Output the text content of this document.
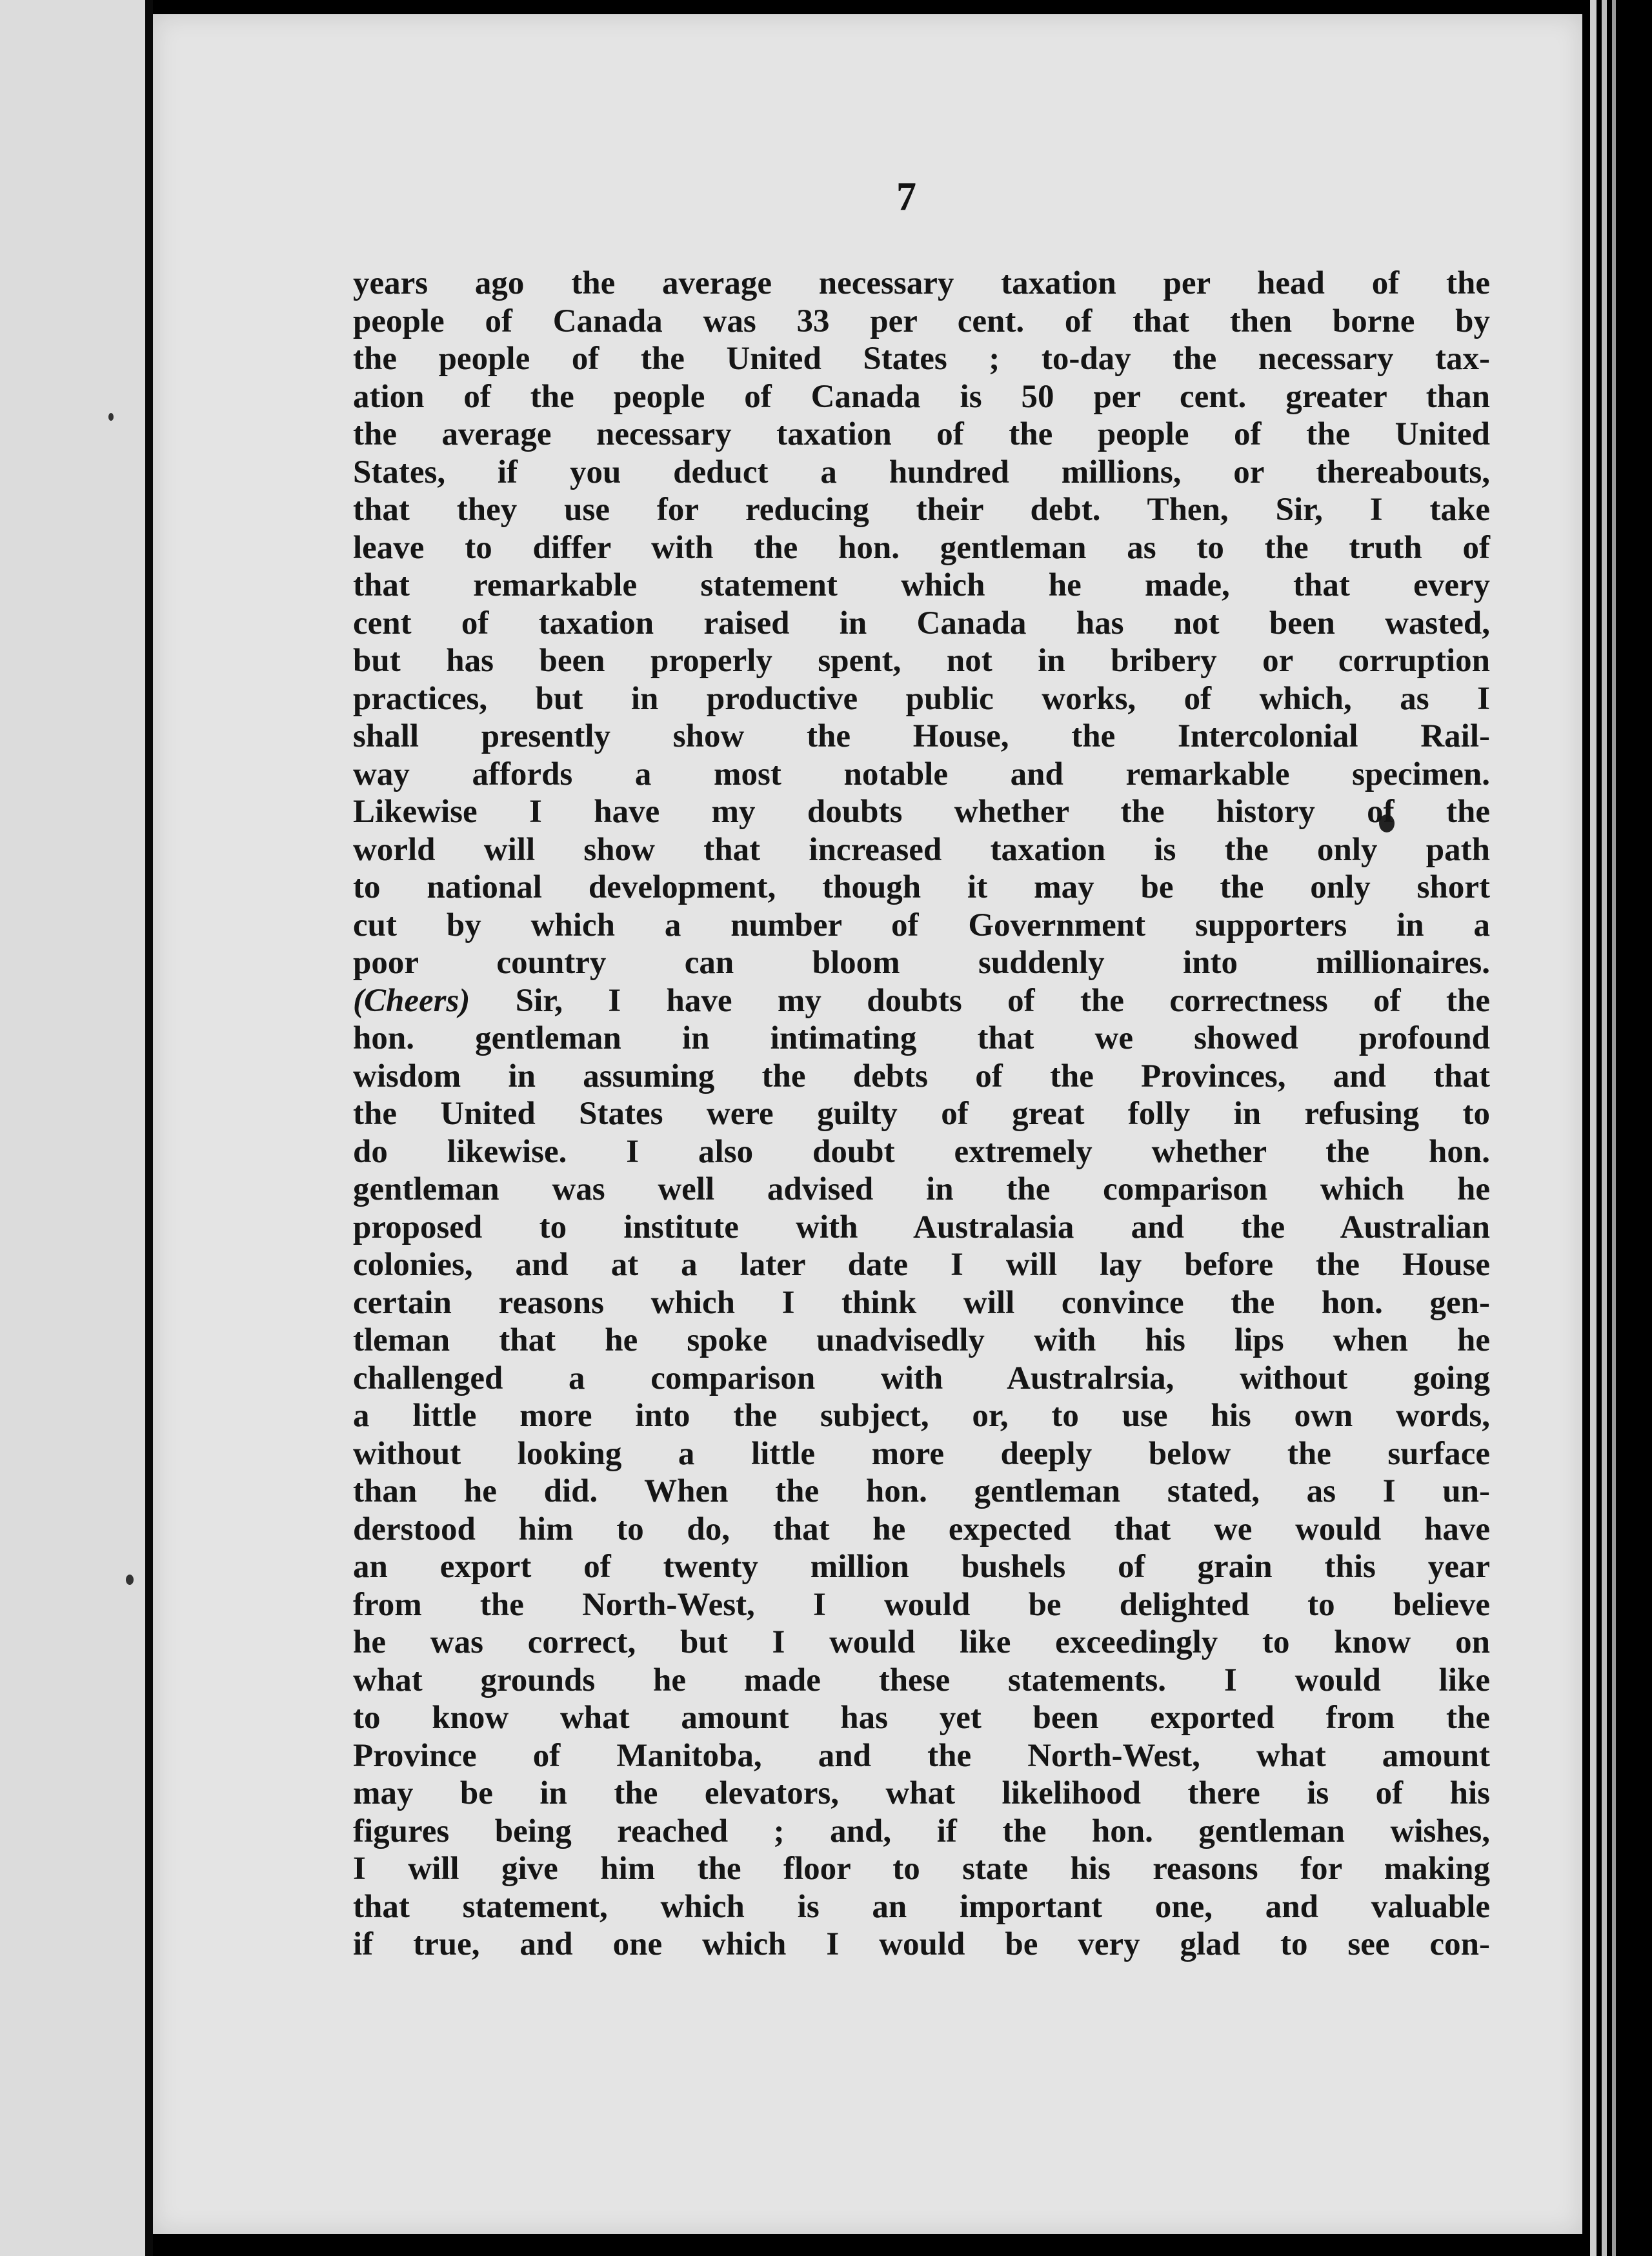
7
years ago the average necessary taxation per head of the
people of Canada was 33 per cent. of that then borne by
the people of the United States ; to-day the necessary tax-
ation of the people of Canada is 50 per cent. greater than
the average necessary taxation of the people of the United
States, if you deduct a hundred millions, or thereabouts,
that they use for reducing their debt. Then, Sir, I take
leave to differ with the hon. gentleman as to the truth of
that remarkable statement which he made, that every
cent of taxation raised in Canada has not been wasted,
but has been properly spent, not in bribery or corruption
practices, but in productive public works, of which, as I
shall presently show the House, the Intercolonial Rail-
way affords a most notable and remarkable specimen.
Likewise I have my doubts whether the history of the
world will show that increased taxation is the only path
to national development, though it may be the only short
cut by which a number of Government supporters in a
poor country can bloom suddenly into millionaires.
(Cheers) Sir, I have my doubts of the correctness of the
hon. gentleman in intimating that we showed profound
wisdom in assuming the debts of the Provinces, and that
the United States were guilty of great folly in refusing to
do likewise. I also doubt extremely whether the hon.
gentleman was well advised in the comparison which he
proposed to institute with Australasia and the Australian
colonies, and at a later date I will lay before the House
certain reasons which I think will convince the hon. gen-
tleman that he spoke unadvisedly with his lips when he
challenged a comparison with Australrsia, without going
a little more into the subject, or, to use his own words,
without looking a little more deeply below the surface
than he did. When the hon. gentleman stated, as I un-
derstood him to do, that he expected that we would have
an export of twenty million bushels of grain this year
from the North-West, I would be delighted to believe
he was correct, but I would like exceedingly to know on
what grounds he made these statements. I would like
to know what amount has yet been exported from the
Province of Manitoba, and the North-West, what amount
may be in the elevators, what likelihood there is of his
figures being reached ; and, if the hon. gentleman wishes,
I will give him the floor to state his reasons for making
that statement, which is an important one, and valuable
if true, and one which I would be very glad to see con-
